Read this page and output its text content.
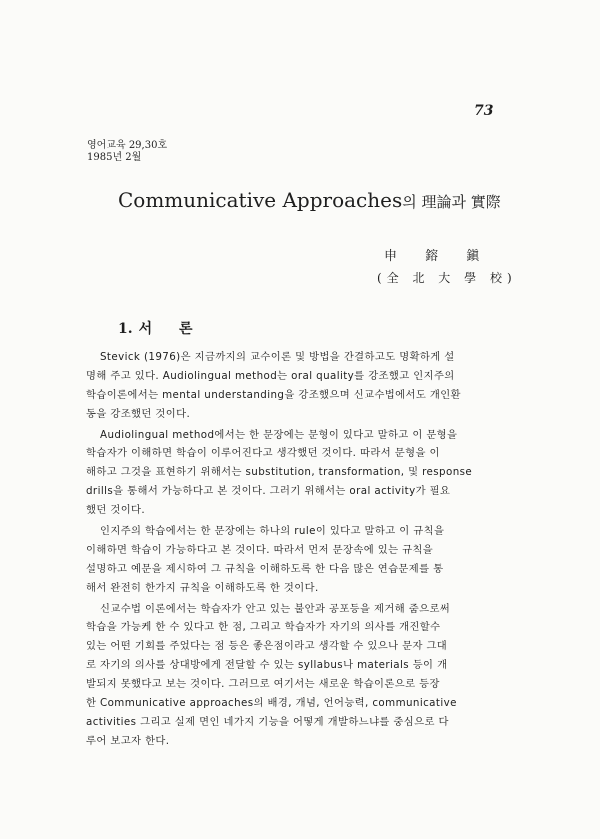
73
영어교육 29,30호
1985년 2월
Communicative Approaches의 理論과 實際
申 鎔 鎭
(全 北 大 學 校)
1. 서 론
Stevick (1976)은 지금까지의 교수이론 및 방법을 간결하고도 명확하게 설
명해 주고 있다. Audiolingual method는 oral quality를 강조했고 인지주의
학습이론에서는 mental understanding을 강조했으며 신교수법에서도 개인환
동을 강조했던 것이다.
Audiolingual method에서는 한 문장에는 문형이 있다고 말하고 이 문형을
학습자가 이해하면 학습이 이루어진다고 생각했던 것이다. 따라서 문형을 이
해하고 그것을 표현하기 위해서는 substitution, transformation, 및 response
drills을 통해서 가능하다고 본 것이다. 그러기 위해서는 oral activity가 필요
했던 것이다.
인지주의 학습에서는 한 문장에는 하나의 rule이 있다고 말하고 이 규칙을
이해하면 학습이 가능하다고 본 것이다. 따라서 먼저 문장속에 있는 규칙을
설명하고 예문을 제시하여 그 규칙을 이해하도록 한 다음 많은 연습문제를 통
해서 완전히 한가지 규칙을 이해하도록 한 것이다.
신교수법 이론에서는 학습자가 안고 있는 불안과 공포등을 제거해 줌으로써
학습을 가능케 한 수 있다고 한 점, 그리고 학습자가 자기의 의사를 개진할수
있는 어떤 기회를 주었다는 점 등은 좋은점이라고 생각할 수 있으나 문자 그대
로 자기의 의사를 상대방에게 전달할 수 있는 syllabus나 materials 등이 개
발되지 못했다고 보는 것이다. 그러므로 여기서는 새로운 학습이론으로 등장
한 Communicative approaches의 배경, 개념, 언어능력, communicative
activities 그리고 실제 면인 네가지 기능을 어떻게 개발하느냐를 중심으로 다
루어 보고자 한다.
